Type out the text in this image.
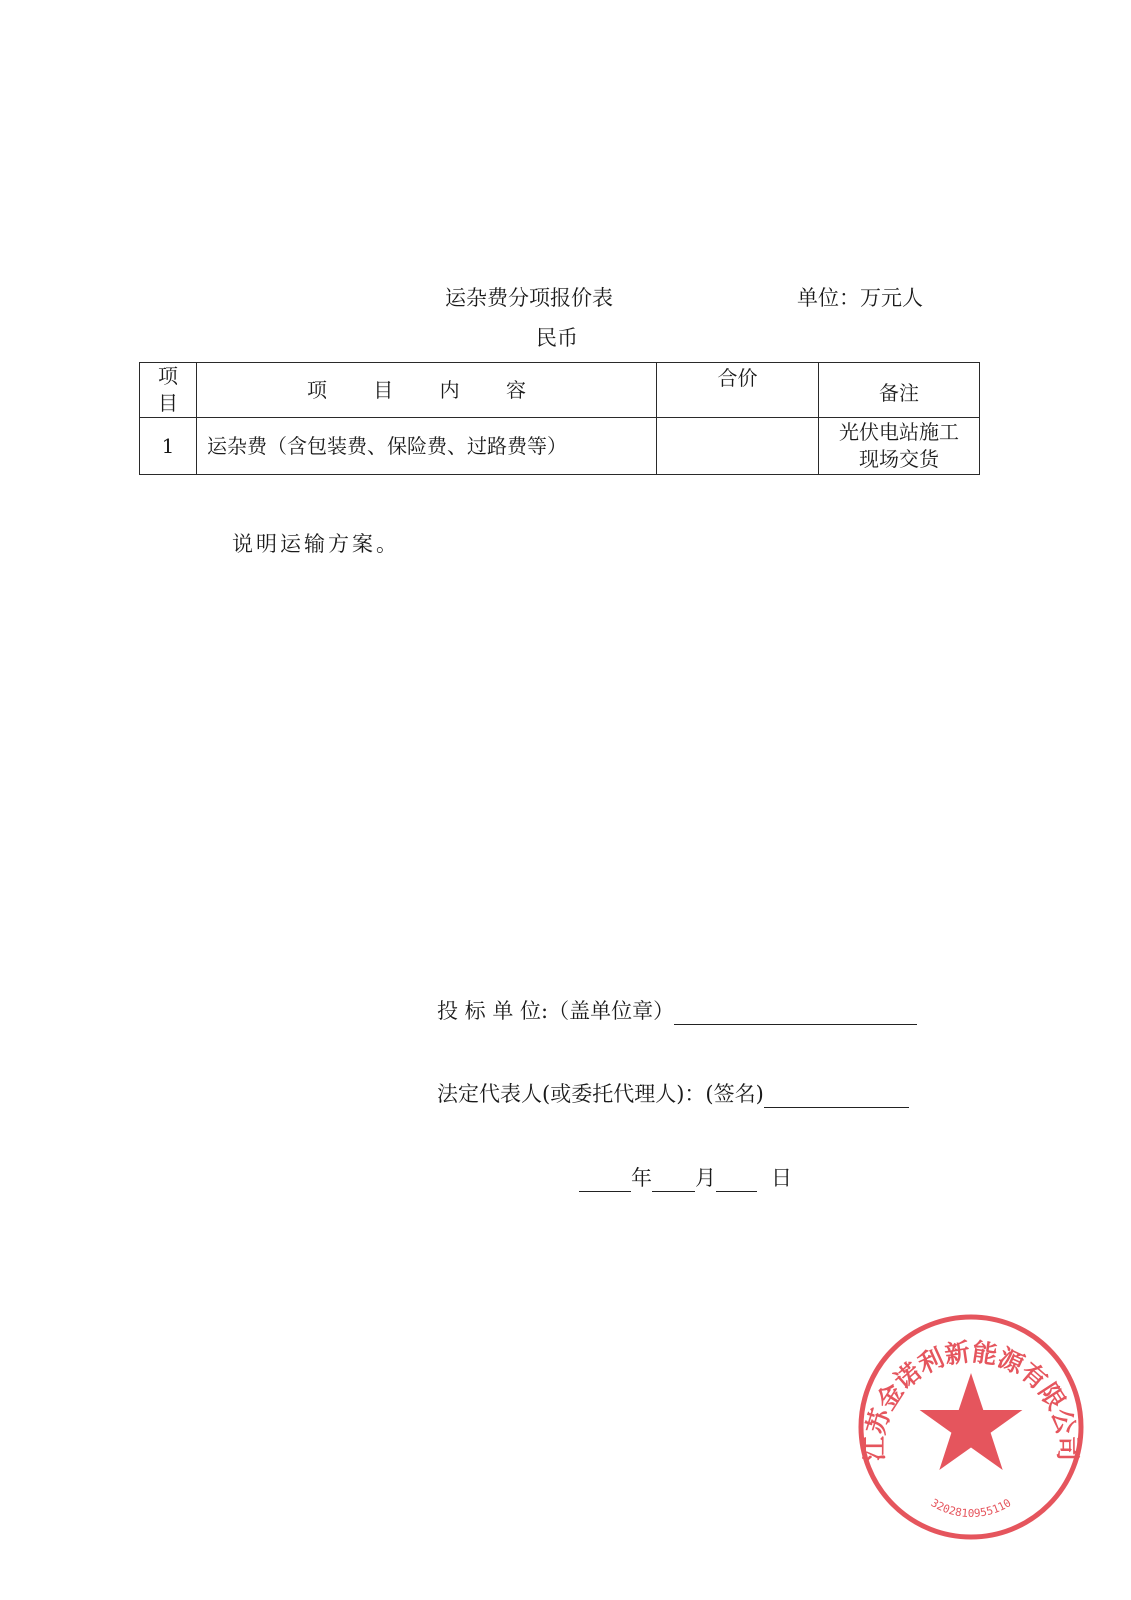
运杂费分项报价表	单位：万元人
民币
项
目	项 目 内 容	合价	备注
1	运杂费（含包装费、保险费、过路费等）		光伏电站施工
现场交货
说明运输方案。
投 标 单 位:（盖单位章）
法定代表人(或委托代理人)：(签名)
年 月	日
江苏金诺利新能源有限公司
3202810955110
